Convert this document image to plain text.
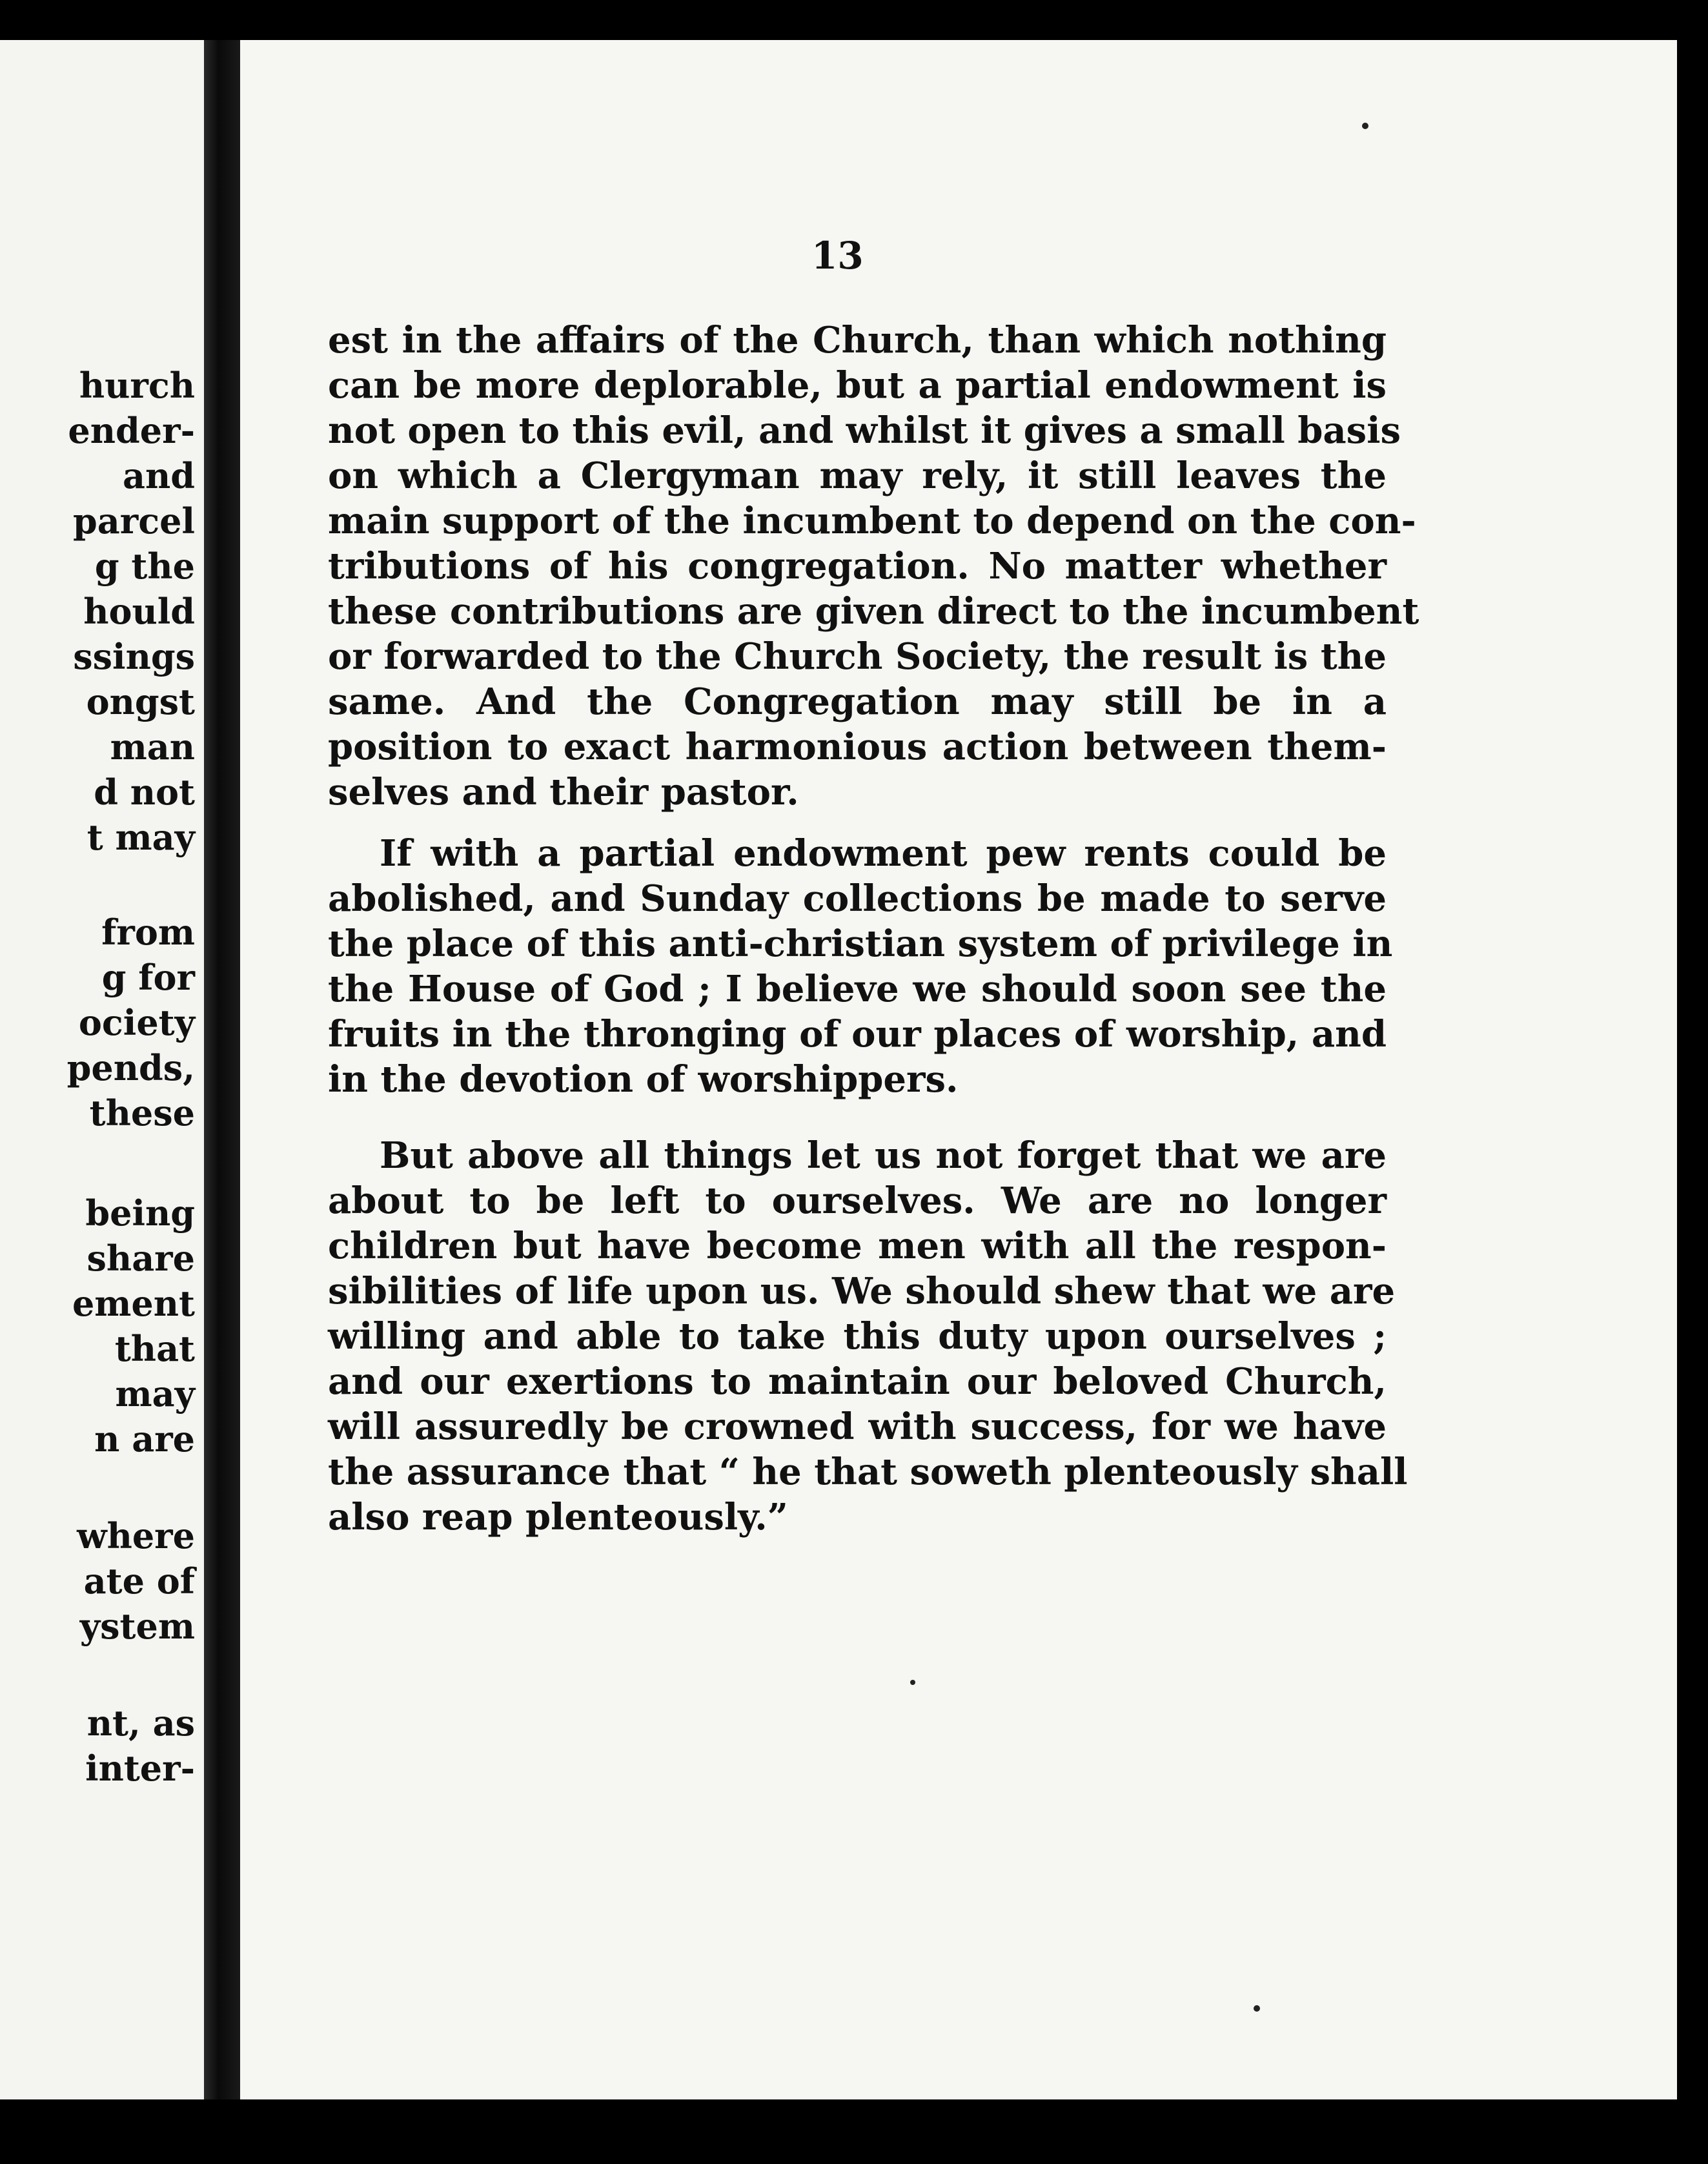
hurch
ender-
and
parcel
g the
hould
ssings
ongst
man
d not
t may
from
g for
ociety
pends,
these
being
share
ement
that
may
n are
where
ate of
ystem
nt, as
inter-
13
est in the affairs of the Church, than which nothing
can be more deplorable, but a partial endowment is
not open to this evil, and whilst it gives a small basis
on which a Clergyman may rely, it still leaves the
main support of the incumbent to depend on the con-
tributions of his congregation. No matter whether
these contributions are given direct to the incumbent
or forwarded to the Church Society, the result is the
same. And the Congregation may still be in a
position to exact harmonious action between them-
selves and their pastor.
If with a partial endowment pew rents could be
abolished, and Sunday collections be made to serve
the place of this anti-christian system of privilege in
the House of God ; I believe we should soon see the
fruits in the thronging of our places of worship, and
in the devotion of worshippers.
But above all things let us not forget that we are
about to be left to ourselves. We are no longer
children but have become men with all the respon-
sibilities of life upon us. We should shew that we are
willing and able to take this duty upon ourselves ;
and our exertions to maintain our beloved Church,
will assuredly be crowned with success, for we have
the assurance that “ he that soweth plenteously shall
also reap plenteously.”
